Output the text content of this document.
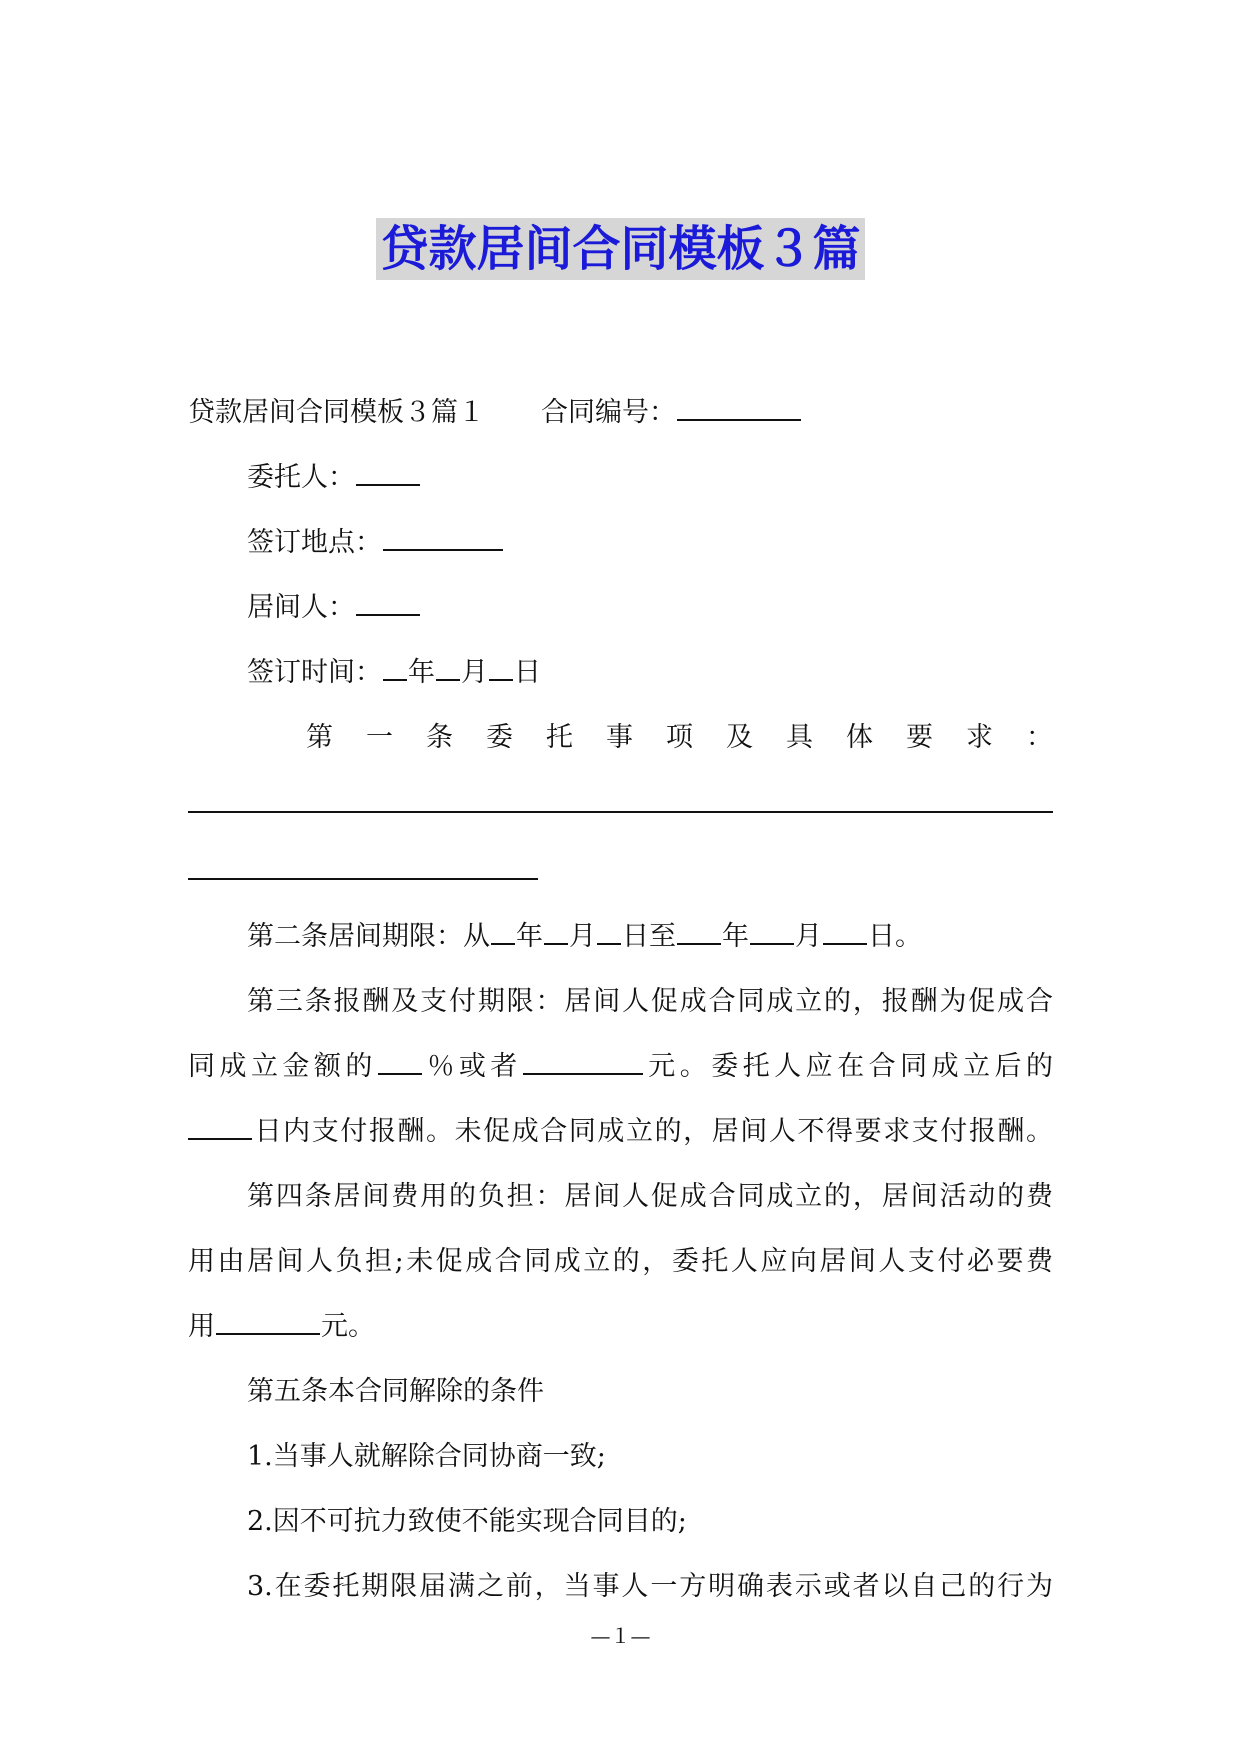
贷款居间合同模板３篇
贷款居间合同模板３篇１ 合同编号：
委托人：
签订地点：
居间人：
签订时间： 年 月 日
第 一 条 委 托 事 项 及 具 体 要 求 ：
第二条居间期限：从 年 月 日至 年 月 日。
第三条报酬及支付期限：居间人促成合同成立的，报酬为促成合
同成立金额的 ％或者	元。委托人应在合同成立后的
日内支付报酬。未促成合同成立的，居间人不得要求支付报酬。
第四条居间费用的负担：居间人促成合同成立的，居间活动的费
用由居间人负担;未促成合同成立的，委托人应向居间人支付必要费
用	元。
第五条本合同解除的条件
1.当事人就解除合同协商一致;
2.因不可抗力致使不能实现合同目的;
3.在委托期限届满之前，当事人一方明确表示或者以自己的行为
—１—
